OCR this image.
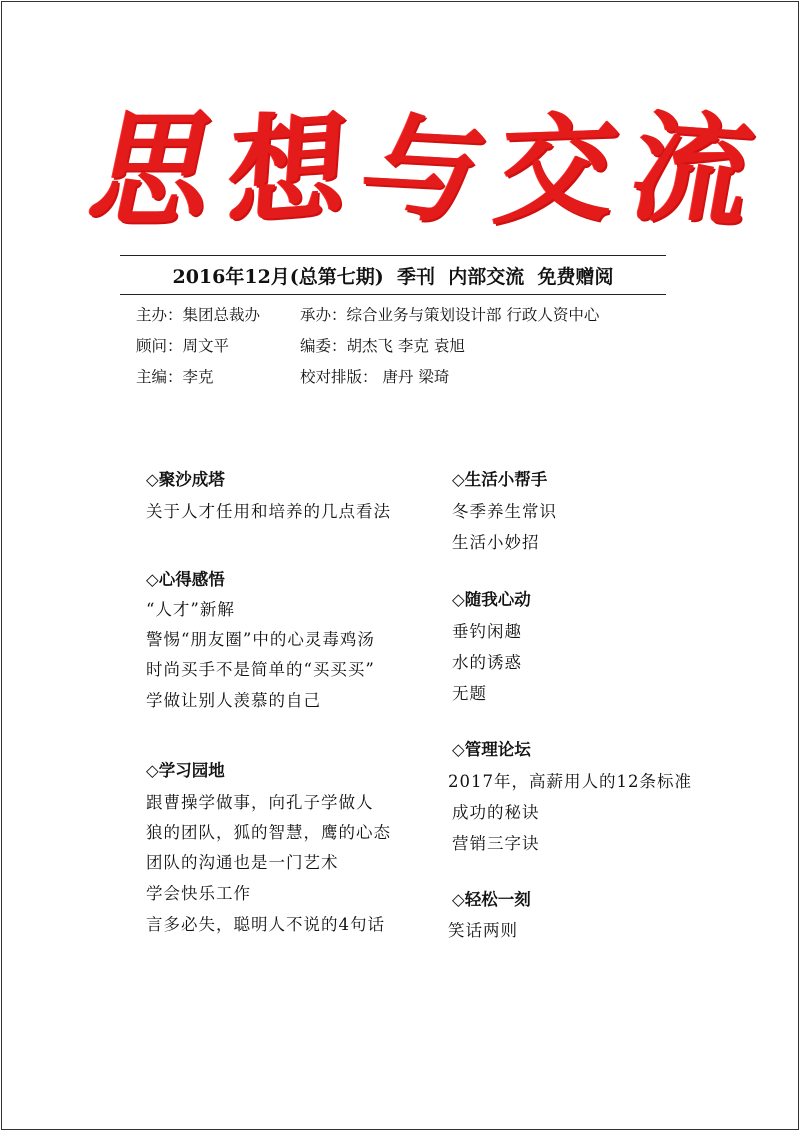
思 想
与
交 流
2016年12月(总第七期)
季刊
内部交流
免费赠阅
主办：集团总裁办	承办：综合业务与策划设计部 行政人资中心
顾问：周文平	编委：胡杰飞 李克 袁旭
主编：李克	校对排版： 唐丹 梁琦
◇聚沙成塔
关于人才任用和培养的几点看法
◇心得感悟
“人才”新解
警惕“朋友圈”中的心灵毒鸡汤
时尚买手不是简单的“买买买”
学做让别人羡慕的自己
◇学习园地
跟曹操学做事，向孔子学做人
狼的团队，狐的智慧，鹰的心态
团队的沟通也是一门艺术
学会快乐工作
言多必失，聪明人不说的4句话
◇生活小帮手
冬季养生常识
生活小妙招
◇随我心动
垂钓闲趣
水的诱惑
无题
◇管理论坛
2017年，高薪用人的12条标准
成功的秘诀
营销三字诀
◇轻松一刻
笑话两则
